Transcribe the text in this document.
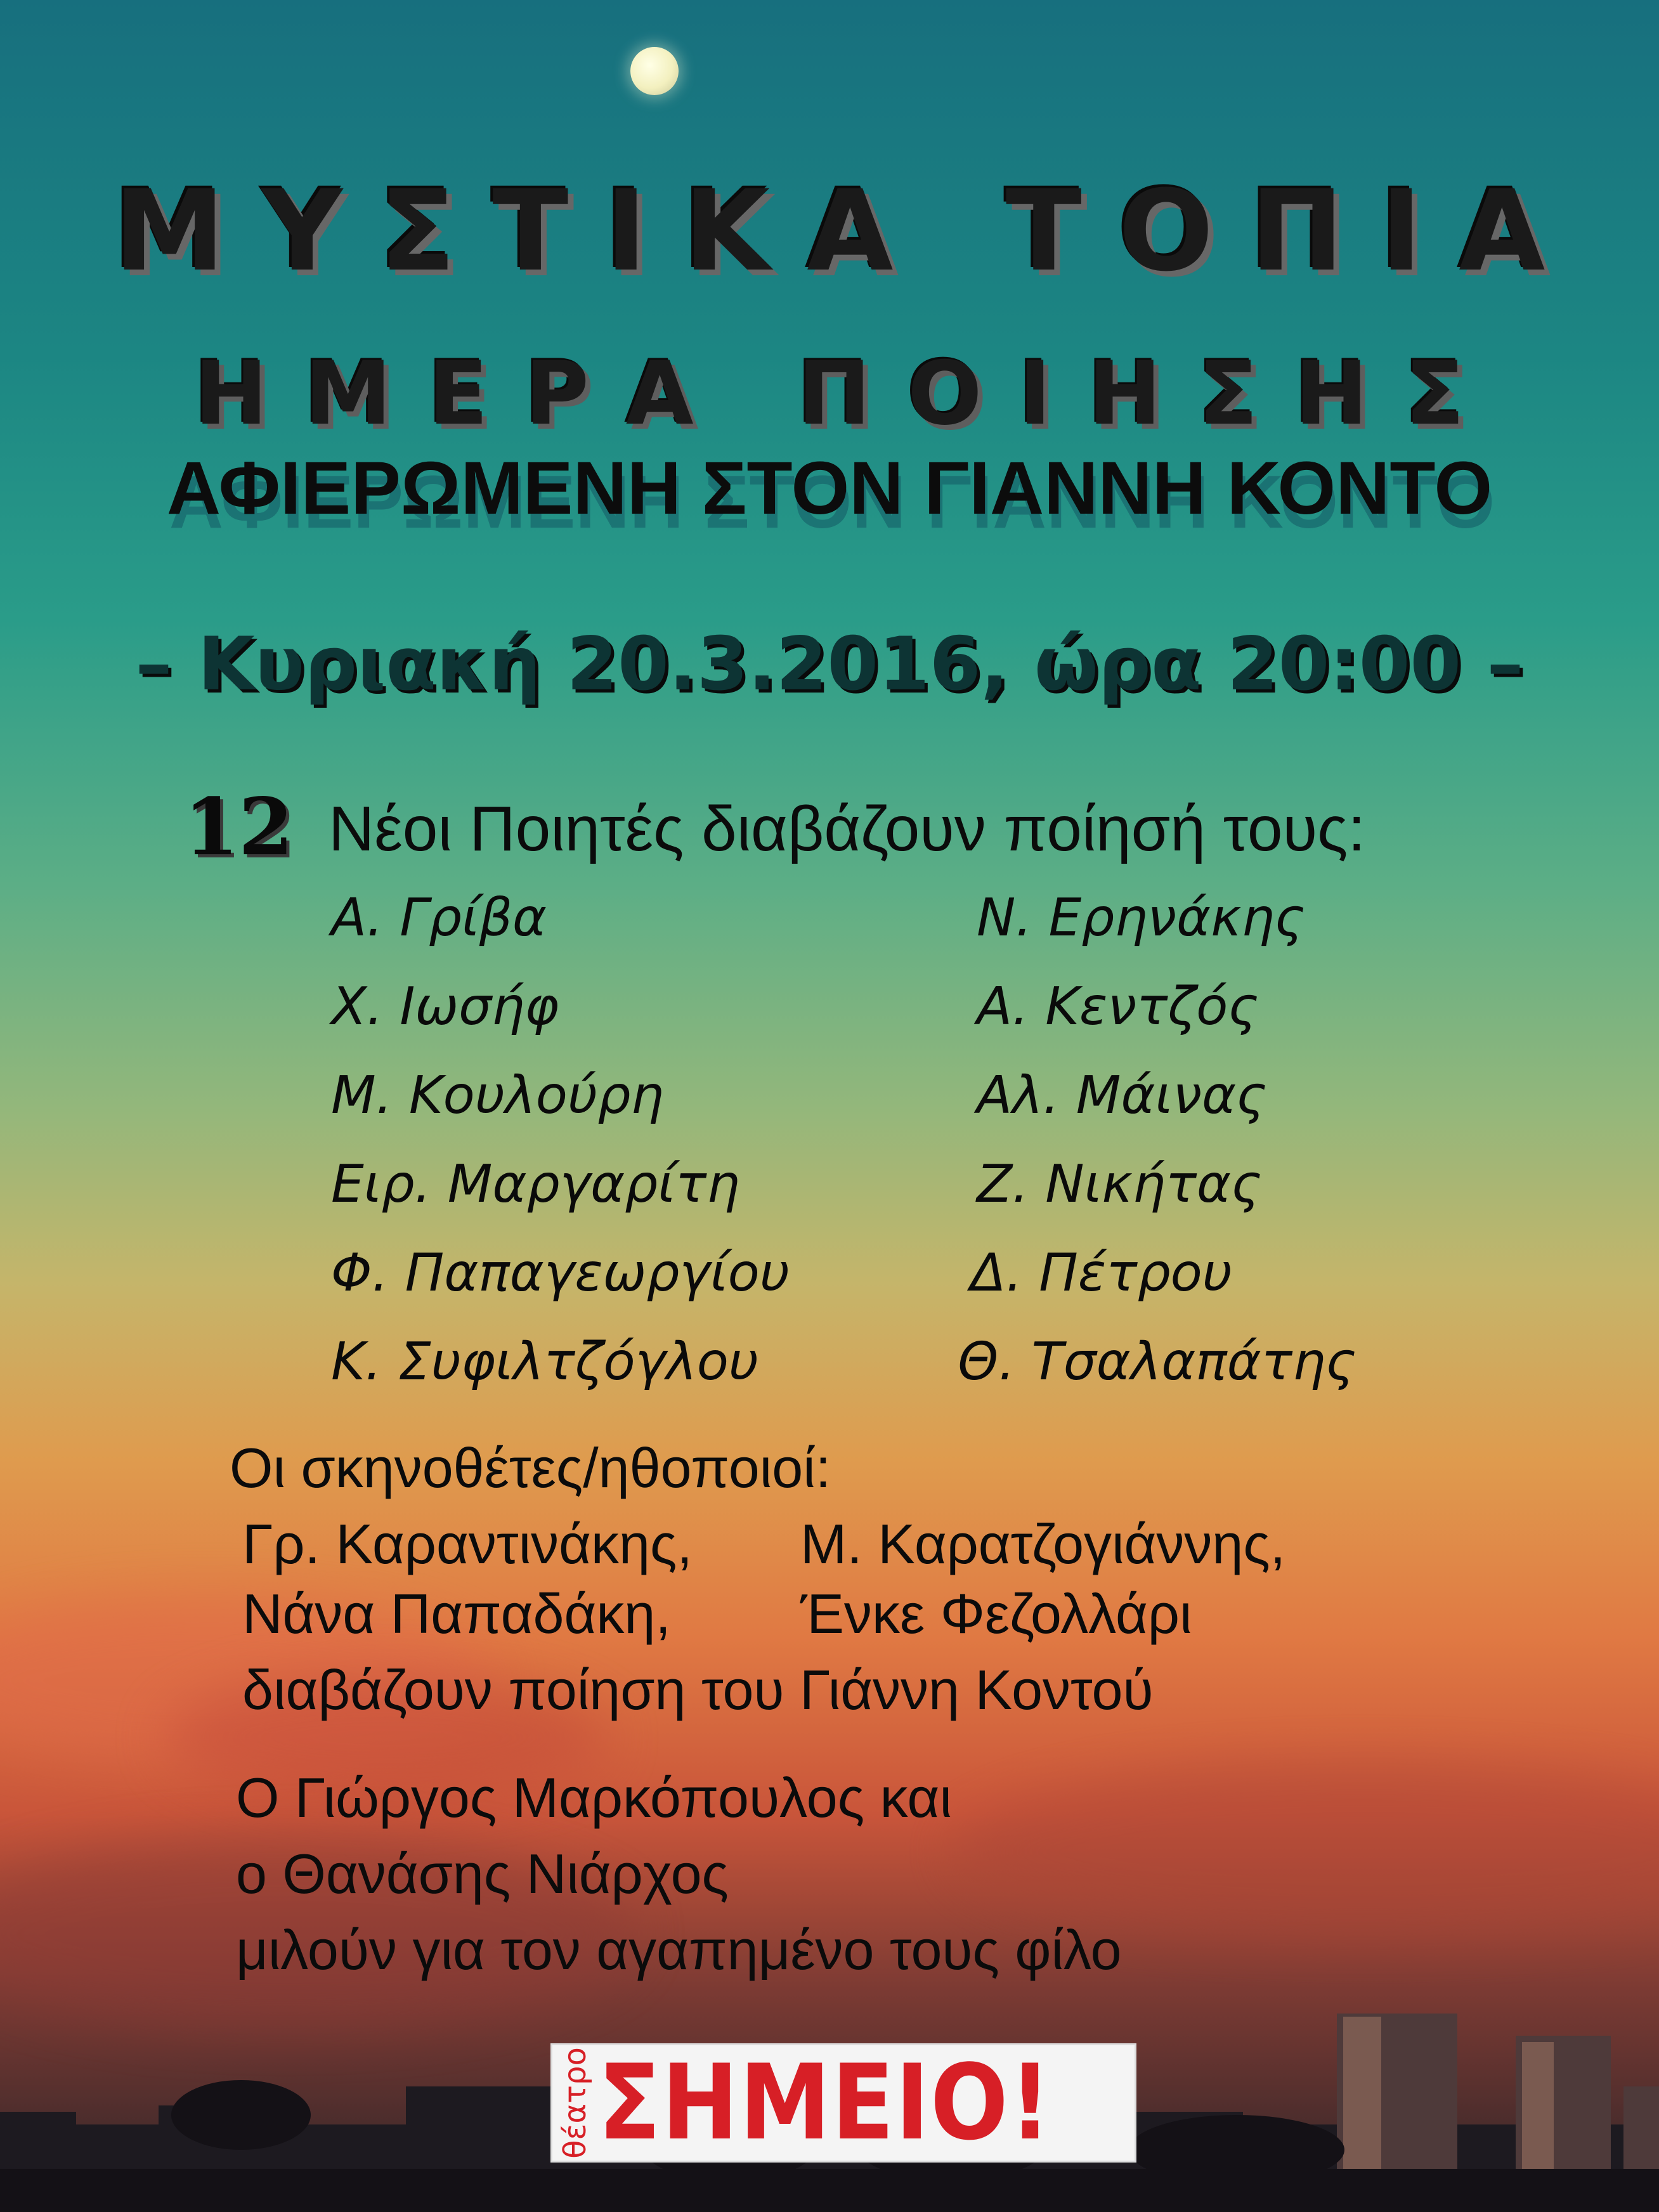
ΜΥΣΤΙΚΑ ΤΟΠΙΑ
ΗΜΕΡΑ ΠΟΙΗΣΗΣ
ΑΦΙΕΡΩΜΕΝΗ ΣΤΟΝ ΓΙΑΝΝΗ ΚΟΝΤΟ
– Κυριακή 20.3.2016, ώρα 20:00 –
12 Νέοι Ποιητές διαβάζουν ποίησή τους:
Α. Γρίβα
Χ. Ιωσήφ
Μ. Κουλούρη
Ειρ. Μαργαρίτη
Φ. Παπαγεωργίου
Κ. Συφιλτζόγλου
Ν. Ερηνάκης
Α. Κεντζός
Αλ. Μάινας
Ζ. Νικήτας
Δ. Πέτρου
Θ. Τσαλαπάτης
Οι σκηνοθέτες/ηθοποιοί:
Γρ. Καραντινάκης, Μ. Καρατζογιάννης,
Νάνα Παπαδάκη, Ένκε Φεζολλάρι
διαβάζουν ποίηση του Γιάννη Κοντού
Ο Γιώργος Μαρκόπουλος και
ο Θανάσης Νιάρχος
μιλούν για τον αγαπημένο τους φίλο
θέατρο ΣΗΜΕΙΟ!
